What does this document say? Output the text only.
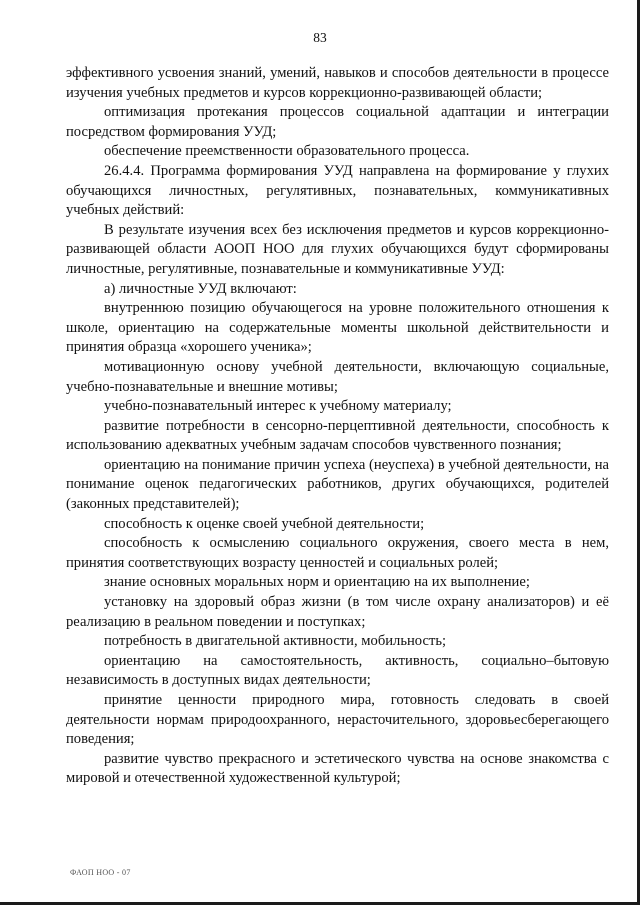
83

эффективного усвоения знаний, умений, навыков и способов деятельности в процессе изучения учебных предметов и курсов коррекционно-развивающей области;

оптимизация протекания процессов социальной адаптации и интеграции посредством формирования УУД;

обеспечение преемственности образовательного процесса.

26.4.4. Программа формирования УУД направлена на формирование у глухих обучающихся личностных, регулятивных, познавательных, коммуникативных учебных действий:

В результате изучения всех без исключения предметов и курсов коррекционно-развивающей области АООП НОО для глухих обучающихся будут сформированы личностные, регулятивные, познавательные и коммуникативные УУД:

а) личностные УУД включают:

внутреннюю позицию обучающегося на уровне положительного отношения к школе, ориентацию на содержательные моменты школьной действительности и принятия образца «хорошего ученика»;

мотивационную основу учебной деятельности, включающую социальные, учебно-познавательные и внешние мотивы;

учебно-познавательный интерес к учебному материалу;

развитие потребности в сенсорно-перцептивной деятельности, способность к использованию адекватных учебным задачам способов чувственного познания;

ориентацию на понимание причин успеха (неуспеха) в учебной деятельности, на понимание оценок педагогических работников, других обучающихся, родителей (законных представителей);

способность к оценке своей учебной деятельности;

способность к осмыслению социального окружения, своего места в нем, принятия соответствующих возрасту ценностей и социальных ролей;

знание основных моральных норм и ориентацию на их выполнение;

установку на здоровый образ жизни (в том числе охрану анализаторов) и её реализацию в реальном поведении и поступках;

потребность в двигательной активности, мобильность;

ориентацию на самостоятельность, активность, социально–бытовую независимость в доступных видах деятельности;

принятие ценности природного мира, готовность следовать в своей деятельности нормам природоохранного, нерасточительного, здоровьесберегающего поведения;

развитие чувство прекрасного и эстетического чувства на основе знакомства с мировой и отечественной художественной культурой;

ФАОП НОО - 07
